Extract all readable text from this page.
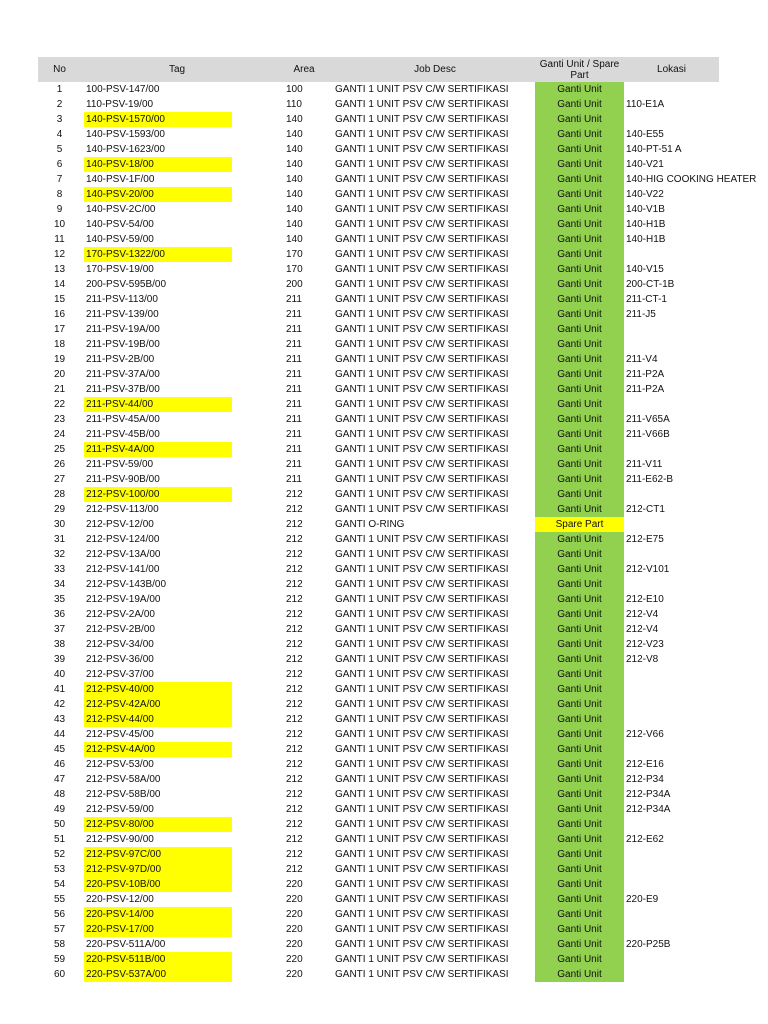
No	Tag	Area	Job Desc	Ganti Unit / Spare Part	Lokasi
1	100-PSV-147/00	100	GANTI 1 UNIT PSV C/W SERTIFIKASI	Ganti Unit
2	110-PSV-19/00	110	GANTI 1 UNIT PSV C/W SERTIFIKASI	Ganti Unit	110-E1A
3	140-PSV-1570/00	140	GANTI 1 UNIT PSV C/W SERTIFIKASI	Ganti Unit
4	140-PSV-1593/00	140	GANTI 1 UNIT PSV C/W SERTIFIKASI	Ganti Unit	140-E55
5	140-PSV-1623/00	140	GANTI 1 UNIT PSV C/W SERTIFIKASI	Ganti Unit	140-PT-51 A
6	140-PSV-18/00	140	GANTI 1 UNIT PSV C/W SERTIFIKASI	Ganti Unit	140-V21
7	140-PSV-1F/00	140	GANTI 1 UNIT PSV C/W SERTIFIKASI	Ganti Unit	140-HIG COOKING HEATER
8	140-PSV-20/00	140	GANTI 1 UNIT PSV C/W SERTIFIKASI	Ganti Unit	140-V22
9	140-PSV-2C/00	140	GANTI 1 UNIT PSV C/W SERTIFIKASI	Ganti Unit	140-V1B
10	140-PSV-54/00	140	GANTI 1 UNIT PSV C/W SERTIFIKASI	Ganti Unit	140-H1B
11	140-PSV-59/00	140	GANTI 1 UNIT PSV C/W SERTIFIKASI	Ganti Unit	140-H1B
12	170-PSV-1322/00	170	GANTI 1 UNIT PSV C/W SERTIFIKASI	Ganti Unit
13	170-PSV-19/00	170	GANTI 1 UNIT PSV C/W SERTIFIKASI	Ganti Unit	140-V15
14	200-PSV-595B/00	200	GANTI 1 UNIT PSV C/W SERTIFIKASI	Ganti Unit	200-CT-1B
15	211-PSV-113/00	211	GANTI 1 UNIT PSV C/W SERTIFIKASI	Ganti Unit	211-CT-1
16	211-PSV-139/00	211	GANTI 1 UNIT PSV C/W SERTIFIKASI	Ganti Unit	211-J5
17	211-PSV-19A/00	211	GANTI 1 UNIT PSV C/W SERTIFIKASI	Ganti Unit
18	211-PSV-19B/00	211	GANTI 1 UNIT PSV C/W SERTIFIKASI	Ganti Unit
19	211-PSV-2B/00	211	GANTI 1 UNIT PSV C/W SERTIFIKASI	Ganti Unit	211-V4
20	211-PSV-37A/00	211	GANTI 1 UNIT PSV C/W SERTIFIKASI	Ganti Unit	211-P2A
21	211-PSV-37B/00	211	GANTI 1 UNIT PSV C/W SERTIFIKASI	Ganti Unit	211-P2A
22	211-PSV-44/00	211	GANTI 1 UNIT PSV C/W SERTIFIKASI	Ganti Unit
23	211-PSV-45A/00	211	GANTI 1 UNIT PSV C/W SERTIFIKASI	Ganti Unit	211-V65A
24	211-PSV-45B/00	211	GANTI 1 UNIT PSV C/W SERTIFIKASI	Ganti Unit	211-V66B
25	211-PSV-4A/00	211	GANTI 1 UNIT PSV C/W SERTIFIKASI	Ganti Unit
26	211-PSV-59/00	211	GANTI 1 UNIT PSV C/W SERTIFIKASI	Ganti Unit	211-V11
27	211-PSV-90B/00	211	GANTI 1 UNIT PSV C/W SERTIFIKASI	Ganti Unit	211-E62-B
28	212-PSV-100/00	212	GANTI 1 UNIT PSV C/W SERTIFIKASI	Ganti Unit
29	212-PSV-113/00	212	GANTI 1 UNIT PSV C/W SERTIFIKASI	Ganti Unit	212-CT1
30	212-PSV-12/00	212	GANTI O-RING	Spare Part
31	212-PSV-124/00	212	GANTI 1 UNIT PSV C/W SERTIFIKASI	Ganti Unit	212-E75
32	212-PSV-13A/00	212	GANTI 1 UNIT PSV C/W SERTIFIKASI	Ganti Unit
33	212-PSV-141/00	212	GANTI 1 UNIT PSV C/W SERTIFIKASI	Ganti Unit	212-V101
34	212-PSV-143B/00	212	GANTI 1 UNIT PSV C/W SERTIFIKASI	Ganti Unit
35	212-PSV-19A/00	212	GANTI 1 UNIT PSV C/W SERTIFIKASI	Ganti Unit	212-E10
36	212-PSV-2A/00	212	GANTI 1 UNIT PSV C/W SERTIFIKASI	Ganti Unit	212-V4
37	212-PSV-2B/00	212	GANTI 1 UNIT PSV C/W SERTIFIKASI	Ganti Unit	212-V4
38	212-PSV-34/00	212	GANTI 1 UNIT PSV C/W SERTIFIKASI	Ganti Unit	212-V23
39	212-PSV-36/00	212	GANTI 1 UNIT PSV C/W SERTIFIKASI	Ganti Unit	212-V8
40	212-PSV-37/00	212	GANTI 1 UNIT PSV C/W SERTIFIKASI	Ganti Unit
41	212-PSV-40/00	212	GANTI 1 UNIT PSV C/W SERTIFIKASI	Ganti Unit
42	212-PSV-42A/00	212	GANTI 1 UNIT PSV C/W SERTIFIKASI	Ganti Unit
43	212-PSV-44/00	212	GANTI 1 UNIT PSV C/W SERTIFIKASI	Ganti Unit
44	212-PSV-45/00	212	GANTI 1 UNIT PSV C/W SERTIFIKASI	Ganti Unit	212-V66
45	212-PSV-4A/00	212	GANTI 1 UNIT PSV C/W SERTIFIKASI	Ganti Unit
46	212-PSV-53/00	212	GANTI 1 UNIT PSV C/W SERTIFIKASI	Ganti Unit	212-E16
47	212-PSV-58A/00	212	GANTI 1 UNIT PSV C/W SERTIFIKASI	Ganti Unit	212-P34
48	212-PSV-58B/00	212	GANTI 1 UNIT PSV C/W SERTIFIKASI	Ganti Unit	212-P34A
49	212-PSV-59/00	212	GANTI 1 UNIT PSV C/W SERTIFIKASI	Ganti Unit	212-P34A
50	212-PSV-80/00	212	GANTI 1 UNIT PSV C/W SERTIFIKASI	Ganti Unit
51	212-PSV-90/00	212	GANTI 1 UNIT PSV C/W SERTIFIKASI	Ganti Unit	212-E62
52	212-PSV-97C/00	212	GANTI 1 UNIT PSV C/W SERTIFIKASI	Ganti Unit
53	212-PSV-97D/00	212	GANTI 1 UNIT PSV C/W SERTIFIKASI	Ganti Unit
54	220-PSV-10B/00	220	GANTI 1 UNIT PSV C/W SERTIFIKASI	Ganti Unit
55	220-PSV-12/00	220	GANTI 1 UNIT PSV C/W SERTIFIKASI	Ganti Unit	220-E9
56	220-PSV-14/00	220	GANTI 1 UNIT PSV C/W SERTIFIKASI	Ganti Unit
57	220-PSV-17/00	220	GANTI 1 UNIT PSV C/W SERTIFIKASI	Ganti Unit
58	220-PSV-511A/00	220	GANTI 1 UNIT PSV C/W SERTIFIKASI	Ganti Unit	220-P25B
59	220-PSV-511B/00	220	GANTI 1 UNIT PSV C/W SERTIFIKASI	Ganti Unit
60	220-PSV-537A/00	220	GANTI 1 UNIT PSV C/W SERTIFIKASI	Ganti Unit
